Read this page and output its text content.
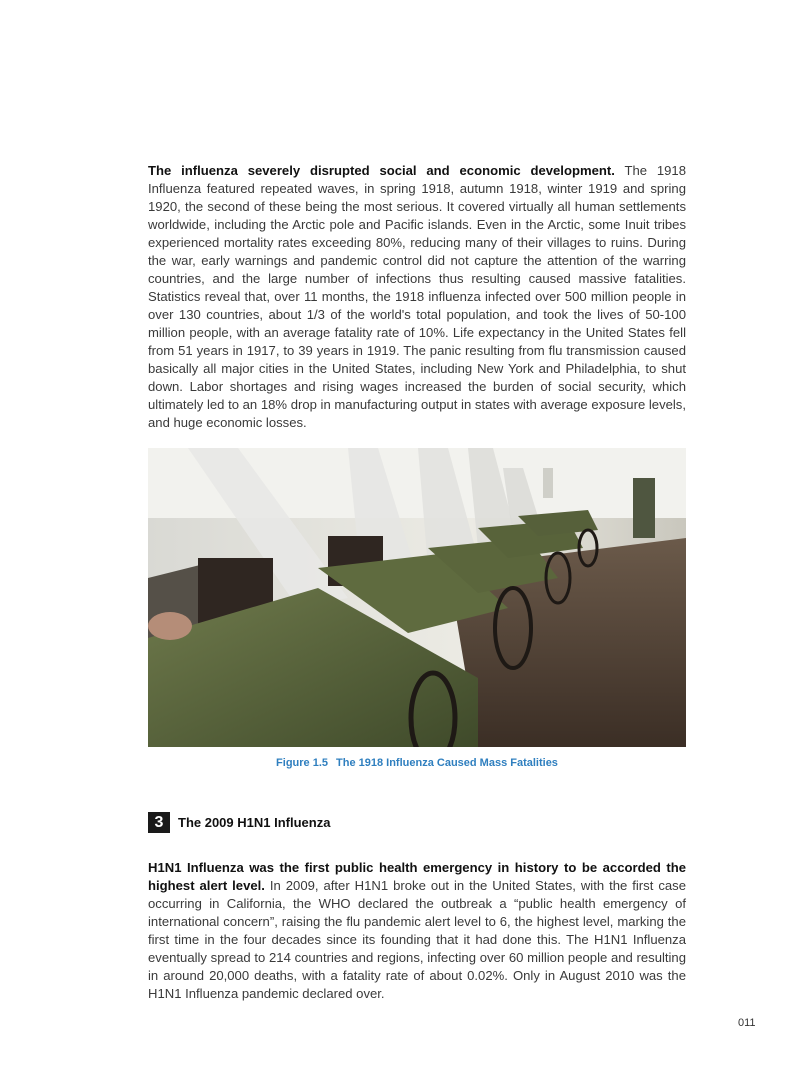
The influenza severely disrupted social and economic development. The 1918 Influenza featured repeated waves, in spring 1918, autumn 1918, winter 1919 and spring 1920, the second of these being the most serious. It covered virtually all human settlements worldwide, including the Arctic pole and Pacific islands. Even in the Arctic, some Inuit tribes experienced mortality rates exceeding 80%, reducing many of their villages to ruins. During the war, early warnings and pandemic control did not capture the attention of the warring countries, and the large number of infections thus resulting caused massive fatalities. Statistics reveal that, over 11 months, the 1918 influenza infected over 500 million people in over 130 countries, about 1/3 of the world's total population, and took the lives of 50-100 million people, with an average fatality rate of 10%. Life expectancy in the United States fell from 51 years in 1917, to 39 years in 1919. The panic resulting from flu transmission caused basically all major cities in the United States, including New York and Philadelphia, to shut down. Labor shortages and rising wages increased the burden of social security, which ultimately led to an 18% drop in manufacturing output in states with average exposure levels, and huge economic losses.

Figure 1.5 The 1918 Influenza Caused Mass Fatalities
3	The 2009 H1N1 Influenza

H1N1 Influenza was the first public health emergency in history to be accorded the highest alert level. In 2009, after H1N1 broke out in the United States, with the first case occurring in California, the WHO declared the outbreak a “public health emergency of international concern”, raising the flu pandemic alert level to 6, the highest level, marking the first time in the four decades since its founding that it had done this. The H1N1 Influenza eventually spread to 214 countries and regions, infecting over 60 million people and resulting in around 20,000 deaths, with a fatality rate of about 0.02%. Only in August 2010 was the H1N1 Influenza pandemic declared over.

011
